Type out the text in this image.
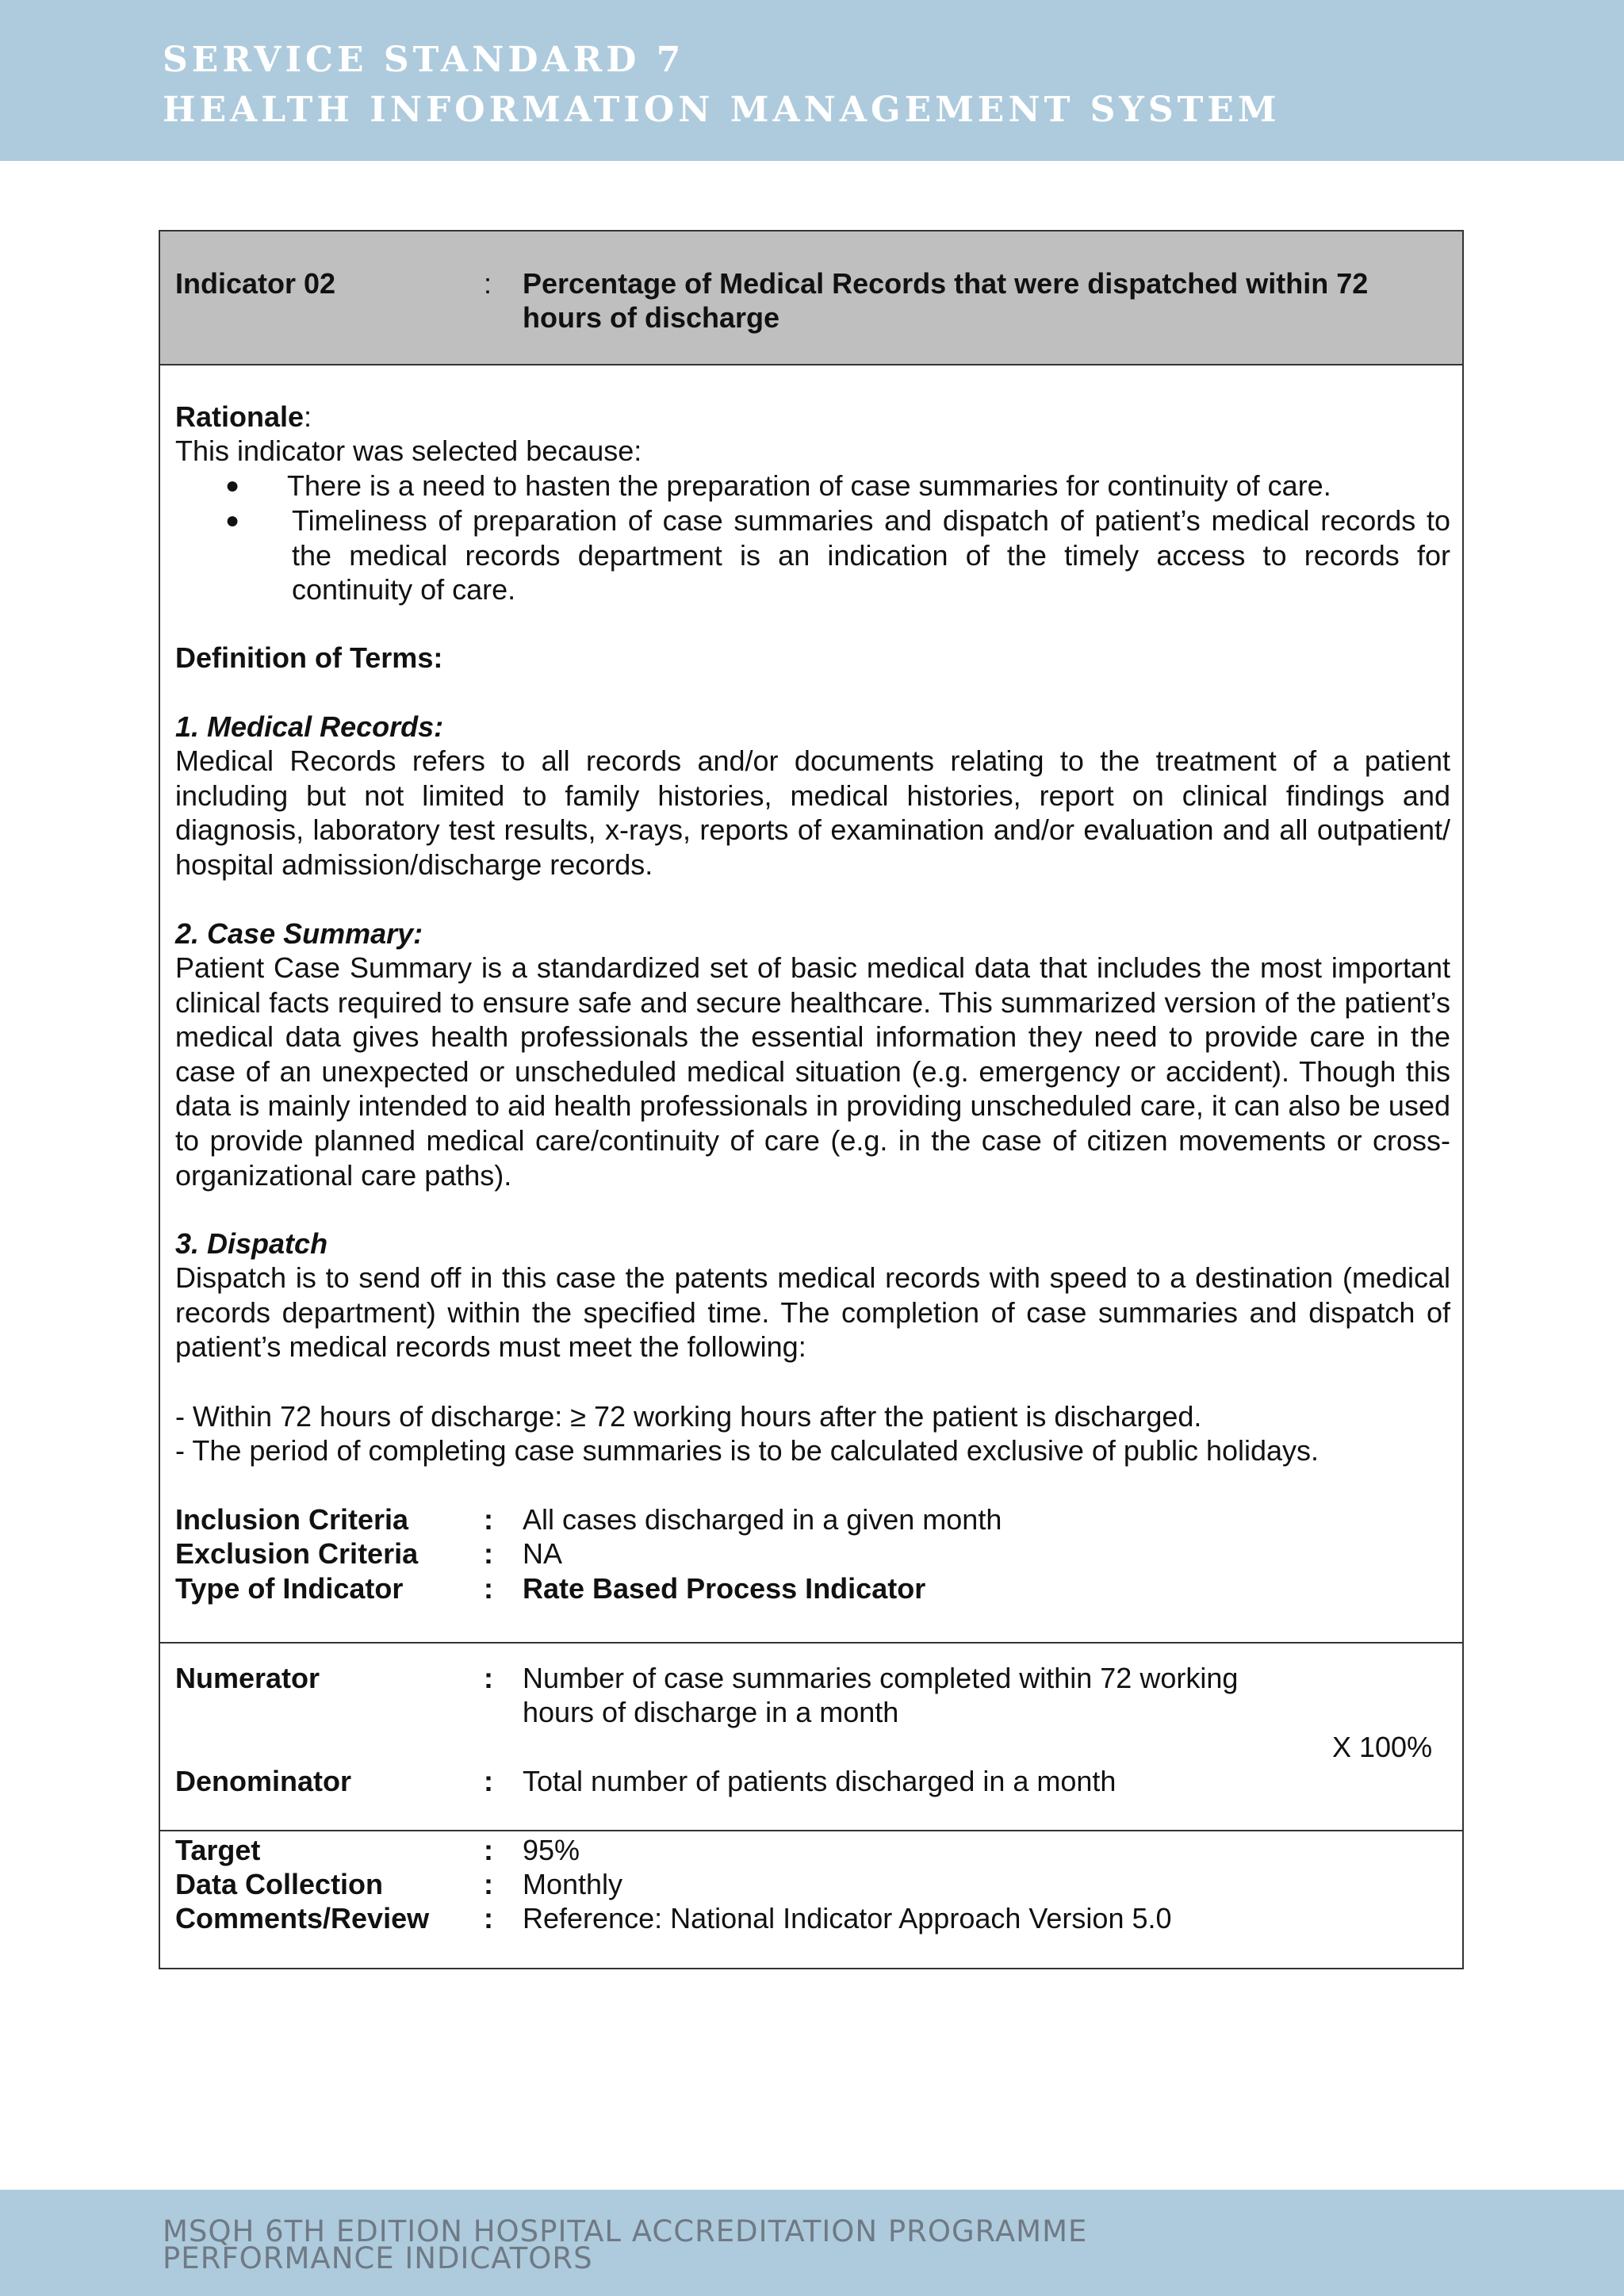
SERVICE STANDARD 7
HEALTH INFORMATION MANAGEMENT SYSTEM
Indicator 02	: Percentage of Medical Records that were dispatched within 72 hours of discharge
Rationale:
This indicator was selected because:
● There is a need to hasten the preparation of case summaries for continuity of care.
● Timeliness of preparation of case summaries and dispatch of patient’s medical records to the medical records department is an indication of the timely access to records for continuity of care.
Definition of Terms:
1. Medical Records:
Medical Records refers to all records and/or documents relating to the treatment of a patient including but not limited to family histories, medical histories, report on clinical findings and diagnosis, laboratory test results, x-rays, reports of examination and/or evaluation and all outpatient/ hospital admission/discharge records.
2. Case Summary:
Patient Case Summary is a standardized set of basic medical data that includes the most important clinical facts required to ensure safe and secure healthcare. This summarized version of the patient’s medical data gives health professionals the essential information they need to provide care in the case of an unexpected or unscheduled medical situation (e.g. emergency or accident). Though this data is mainly intended to aid health professionals in providing unscheduled care, it can also be used to provide planned medical care/continuity of care (e.g. in the case of citizen movements or cross-organizational care paths).
3. Dispatch
Dispatch is to send off in this case the patents medical records with speed to a destination (medical records department) within the specified time. The completion of case summaries and dispatch of patient’s medical records must meet the following:
- Within 72 hours of discharge: ≥ 72 working hours after the patient is discharged.
- The period of completing case summaries is to be calculated exclusive of public holidays.
Inclusion Criteria	: All cases discharged in a given month
Exclusion Criteria : NA
Type of Indicator	: Rate Based Process Indicator
Numerator	: Number of case summaries completed within 72 working
hours of discharge in a month
X 100%
Denominator	: Total number of patients discharged in a month
Target	: 95%
Data Collection	: Monthly
Comments/Review : Reference: National Indicator Approach Version 5.0
MSQH 6TH EDITION HOSPITAL ACCREDITATION PROGRAMME
PERFORMANCE INDICATORS
